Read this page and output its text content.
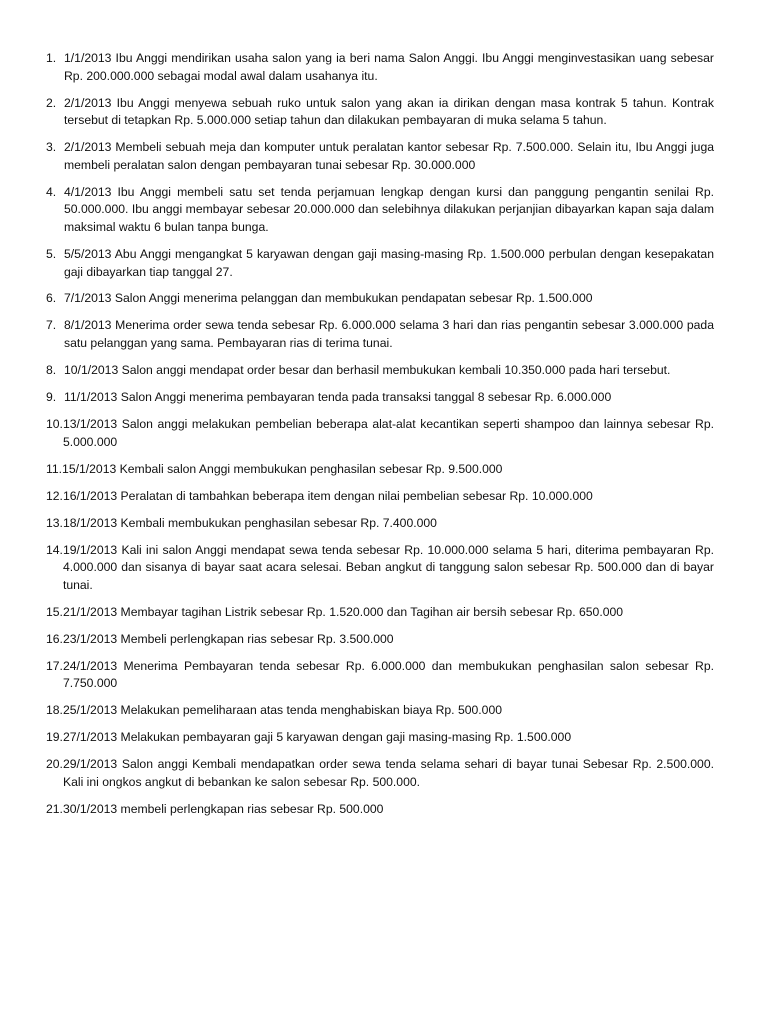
1. 1/1/2013 Ibu Anggi mendirikan usaha salon yang ia beri nama Salon Anggi. Ibu Anggi menginvestasikan uang sebesar Rp. 200.000.000 sebagai modal awal dalam usahanya itu.
2. 2/1/2013 Ibu Anggi menyewa sebuah ruko untuk salon yang akan ia dirikan dengan masa kontrak 5 tahun. Kontrak tersebut di tetapkan Rp. 5.000.000 setiap tahun dan dilakukan pembayaran di muka selama 5 tahun.
3. 2/1/2013 Membeli sebuah meja dan komputer untuk peralatan kantor sebesar Rp. 7.500.000. Selain itu, Ibu Anggi juga membeli peralatan salon dengan pembayaran tunai sebesar Rp. 30.000.000
4. 4/1/2013 Ibu Anggi membeli satu set tenda perjamuan lengkap dengan kursi dan panggung pengantin senilai Rp. 50.000.000. Ibu anggi membayar sebesar 20.000.000 dan selebihnya dilakukan perjanjian dibayarkan kapan saja dalam maksimal waktu 6 bulan tanpa bunga.
5. 5/5/2013 Abu Anggi mengangkat 5 karyawan dengan gaji masing-masing Rp. 1.500.000 perbulan dengan kesepakatan gaji dibayarkan tiap tanggal 27.
6. 7/1/2013 Salon Anggi menerima pelanggan dan membukukan pendapatan sebesar Rp. 1.500.000
7. 8/1/2013 Menerima order sewa tenda sebesar Rp. 6.000.000 selama 3 hari dan rias pengantin sebesar 3.000.000 pada satu pelanggan yang sama. Pembayaran rias di terima tunai.
8. 10/1/2013 Salon anggi mendapat order besar dan berhasil membukukan kembali 10.350.000 pada hari tersebut.
9. 11/1/2013 Salon Anggi menerima pembayaran tenda pada transaksi tanggal 8 sebesar Rp. 6.000.000
10. 13/1/2013 Salon anggi melakukan pembelian beberapa alat-alat kecantikan seperti shampoo dan lainnya sebesar Rp. 5.000.000
11. 15/1/2013 Kembali salon Anggi membukukan penghasilan sebesar Rp. 9.500.000
12. 16/1/2013 Peralatan di tambahkan beberapa item dengan nilai pembelian sebesar Rp. 10.000.000
13. 18/1/2013 Kembali membukukan penghasilan sebesar Rp. 7.400.000
14. 19/1/2013 Kali ini salon Anggi mendapat sewa tenda sebesar Rp. 10.000.000 selama 5 hari, diterima pembayaran Rp. 4.000.000 dan sisanya di bayar saat acara selesai. Beban angkut di tanggung salon sebesar Rp. 500.000 dan di bayar tunai.
15. 21/1/2013 Membayar tagihan Listrik sebesar Rp. 1.520.000 dan Tagihan air bersih sebesar Rp. 650.000
16. 23/1/2013 Membeli perlengkapan rias sebesar Rp. 3.500.000
17. 24/1/2013 Menerima Pembayaran tenda sebesar Rp. 6.000.000 dan membukukan penghasilan salon sebesar Rp. 7.750.000
18. 25/1/2013 Melakukan pemeliharaan atas tenda menghabiskan biaya Rp. 500.000
19. 27/1/2013 Melakukan pembayaran gaji 5 karyawan dengan gaji masing-masing Rp. 1.500.000
20. 29/1/2013 Salon anggi Kembali mendapatkan order sewa tenda selama sehari di bayar tunai Sebesar Rp. 2.500.000. Kali ini ongkos angkut di bebankan ke salon sebesar Rp. 500.000.
21. 30/1/2013 membeli perlengkapan rias sebesar Rp. 500.000
